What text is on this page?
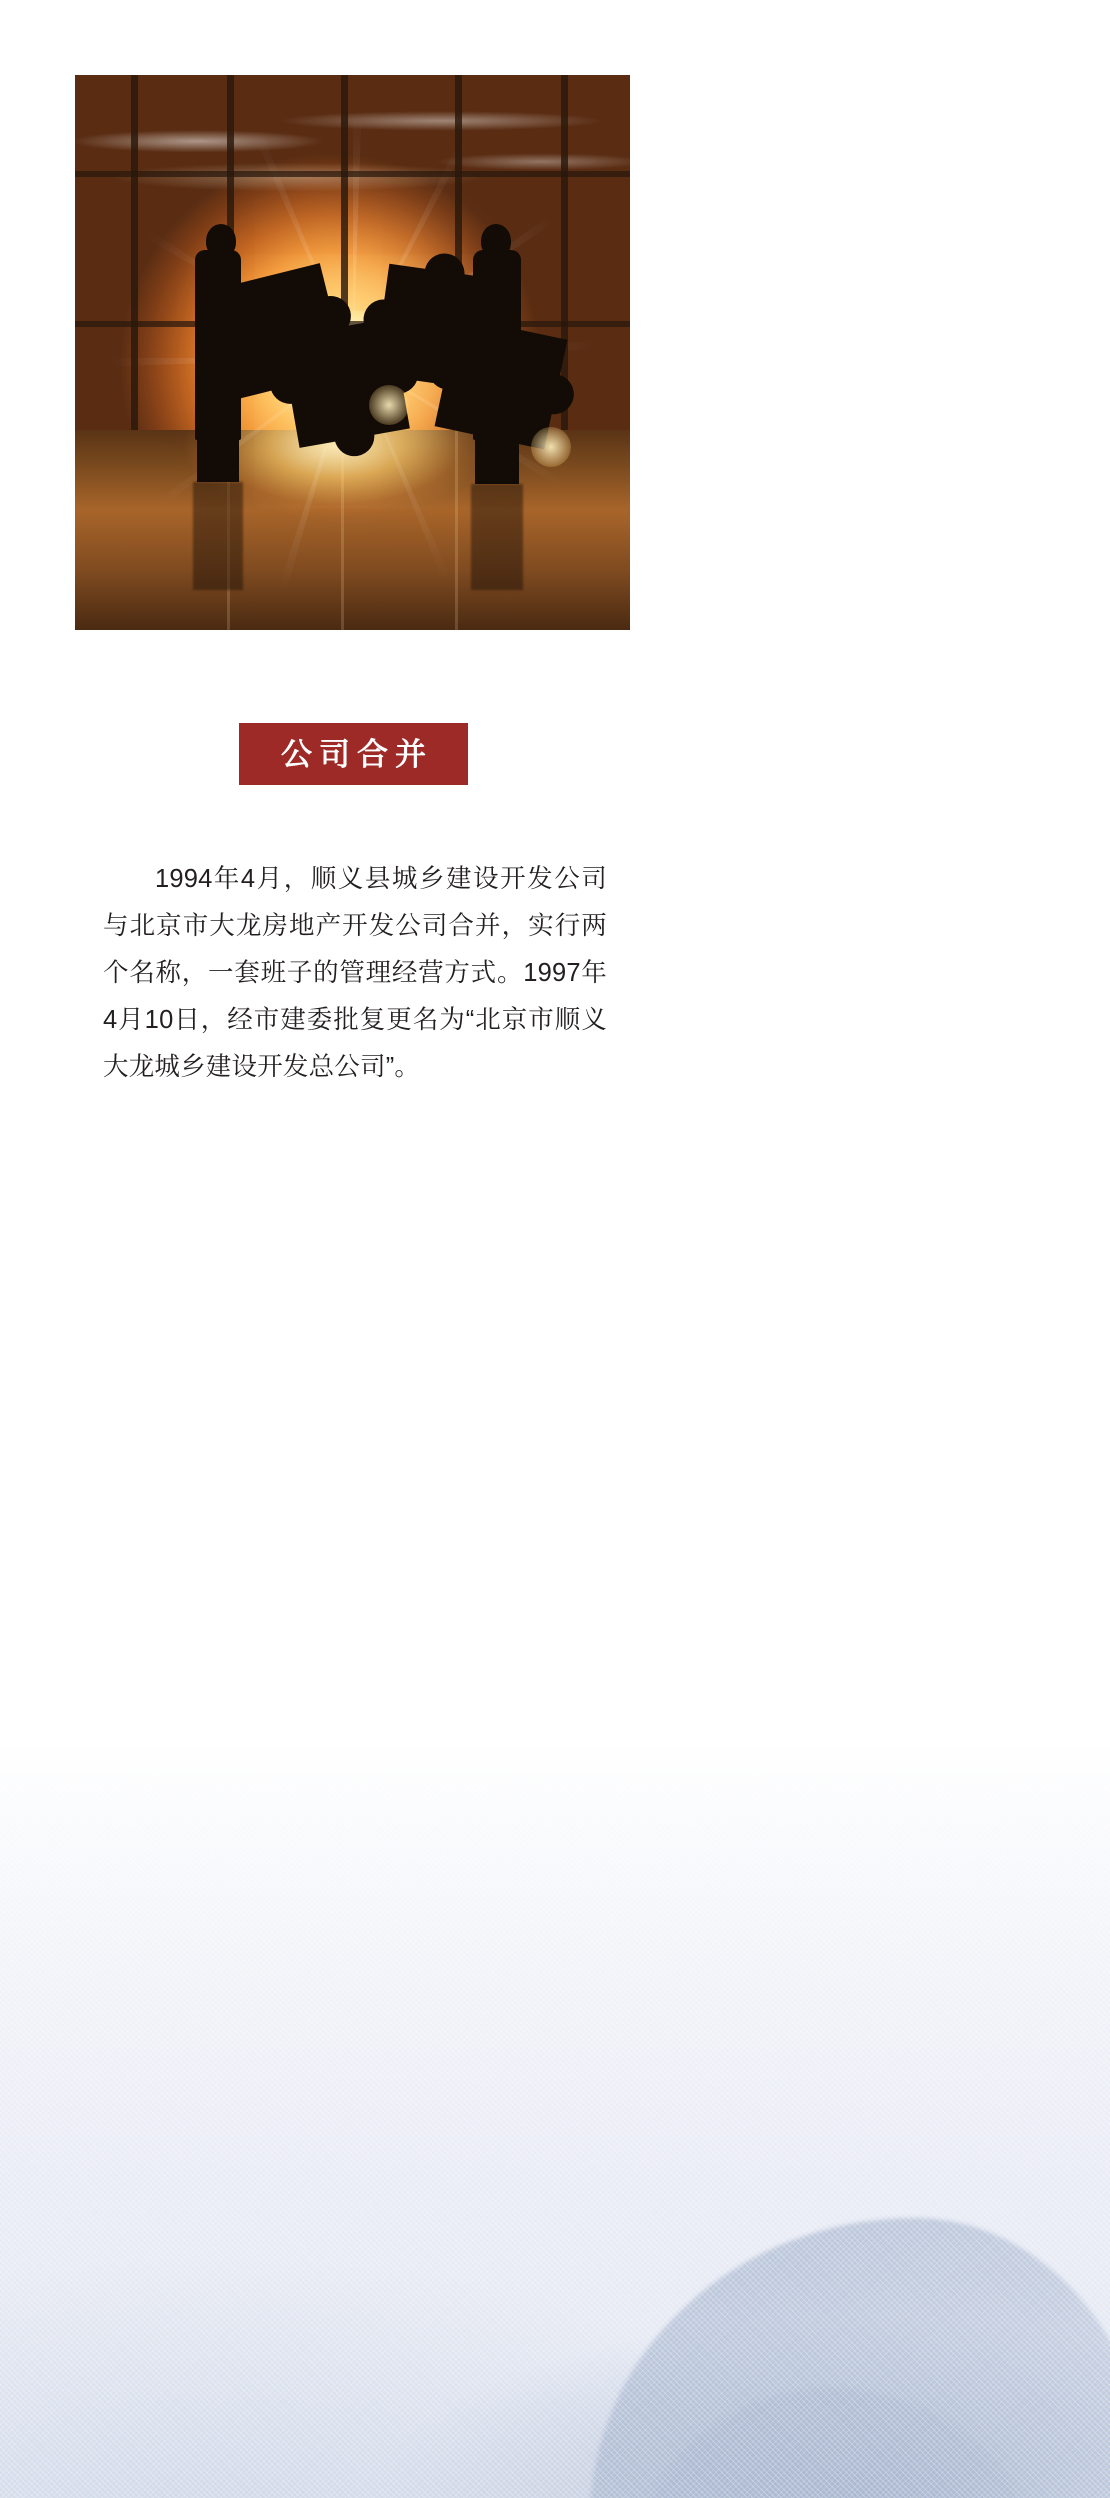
公司合并

1994年4月，顺义县城乡建设开发公司与北京市大龙房地产开发公司合并，实行两个名称，一套班子的管理经营方式。1997年4月10日，经市建委批复更名为“北京市顺义大龙城乡建设开发总公司”。
